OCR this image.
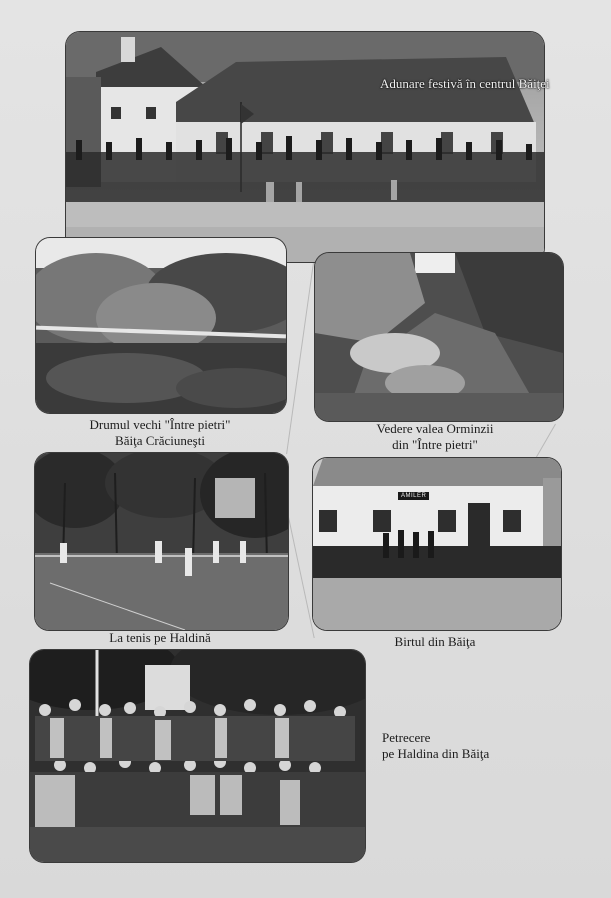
Adunare festivă în centrul Băiţei
Drumul vechi "Între pietri"
Băiţa Crăciuneşti
Vedere valea Orminzii
din "Între pietri"
La tenis pe Haldină
AMILER
Birtul din Băiţa
Petrecere
pe Haldina din Băiţa
